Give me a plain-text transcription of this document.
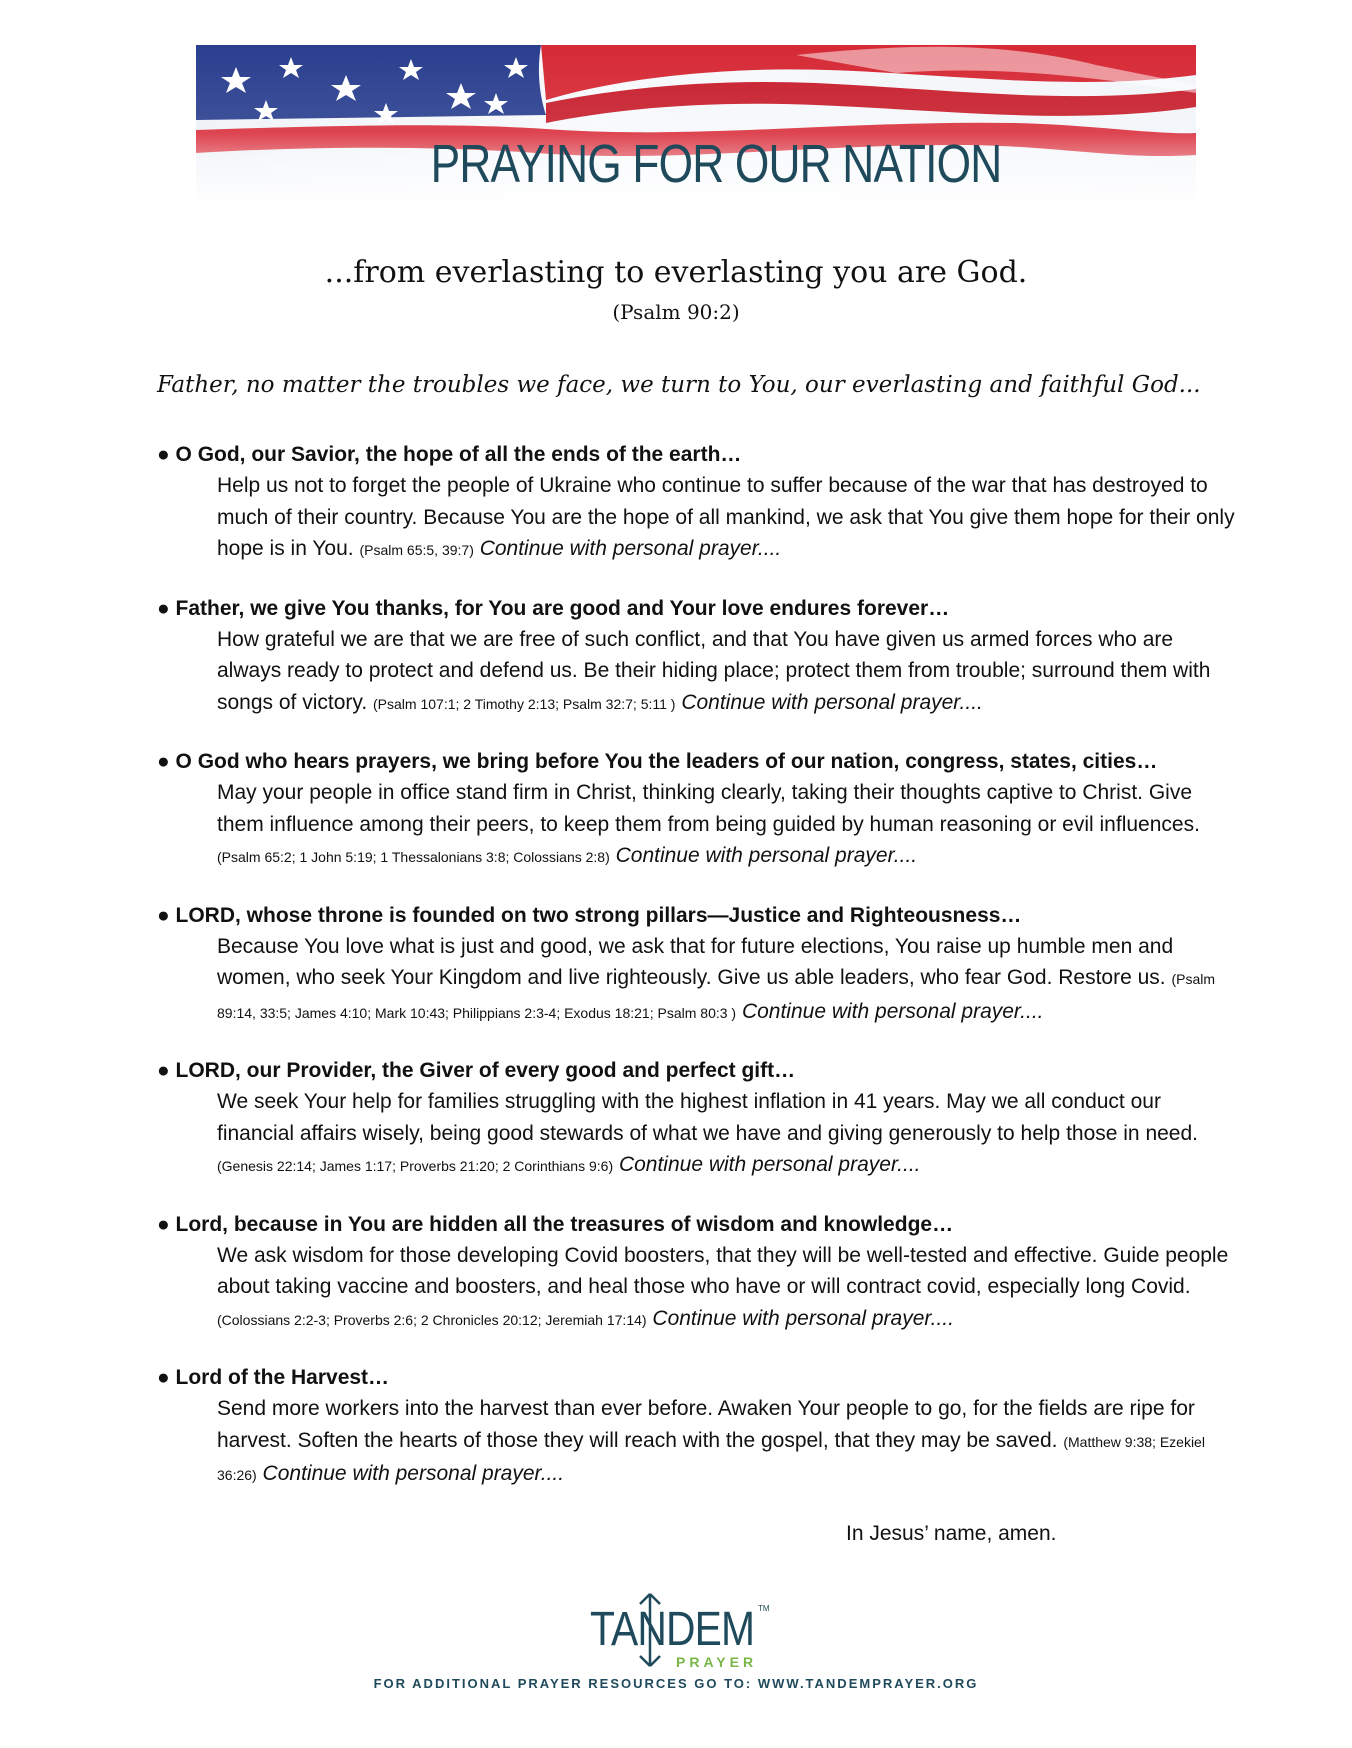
PRAYING FOR OUR NATION
...from everlasting to everlasting you are God.
(Psalm 90:2)
Father, no matter the troubles we face, we turn to You, our everlasting and faithful God...
● O God, our Savior, the hope of all the ends of the earth…
Help us not to forget the people of Ukraine who continue to suffer because of the war that has destroyed to much of their country. Because You are the hope of all mankind, we ask that You give them hope for their only hope is in You. (Psalm 65:5, 39:7) Continue with personal prayer....
● Father, we give You thanks, for You are good and Your love endures forever…
How grateful we are that we are free of such conflict, and that You have given us armed forces who are always ready to protect and defend us. Be their hiding place; protect them from trouble; surround them with songs of victory. (Psalm 107:1; 2 Timothy 2:13; Psalm 32:7; 5:11 ) Continue with personal prayer....
● O God who hears prayers, we bring before You the leaders of our nation, congress, states, cities…
May your people in office stand firm in Christ, thinking clearly, taking their thoughts captive to Christ. Give them influence among their peers, to keep them from being guided by human reasoning or evil influences. (Psalm 65:2; 1 John 5:19; 1 Thessalonians 3:8; Colossians 2:8) Continue with personal prayer....
● LORD, whose throne is founded on two strong pillars—Justice and Righteousness…
Because You love what is just and good, we ask that for future elections, You raise up humble men and women, who seek Your Kingdom and live righteously. Give us able leaders, who fear God. Restore us. (Psalm 89:14, 33:5; James 4:10; Mark 10:43; Philippians 2:3-4; Exodus 18:21; Psalm 80:3 ) Continue with personal prayer....
● LORD, our Provider, the Giver of every good and perfect gift…
We seek Your help for families struggling with the highest inflation in 41 years. May we all conduct our financial affairs wisely, being good stewards of what we have and giving generously to help those in need. (Genesis 22:14; James 1:17; Proverbs 21:20; 2 Corinthians 9:6) Continue with personal prayer....
● Lord, because in You are hidden all the treasures of wisdom and knowledge…
We ask wisdom for those developing Covid boosters, that they will be well-tested and effective. Guide people about taking vaccine and boosters, and heal those who have or will contract covid, especially long Covid. (Colossians 2:2-3; Proverbs 2:6; 2 Chronicles 20:12; Jeremiah 17:14) Continue with personal prayer....
● Lord of the Harvest…
Send more workers into the harvest than ever before. Awaken Your people to go, for the fields are ripe for harvest. Soften the hearts of those they will reach with the gospel, that they may be saved. (Matthew 9:38; Ezekiel 36:26) Continue with personal prayer....
In Jesus’ name, amen.
TANDEM TM
PRAYER
FOR ADDITIONAL PRAYER RESOURCES GO TO: WWW.TANDEMPRAYER.ORG
